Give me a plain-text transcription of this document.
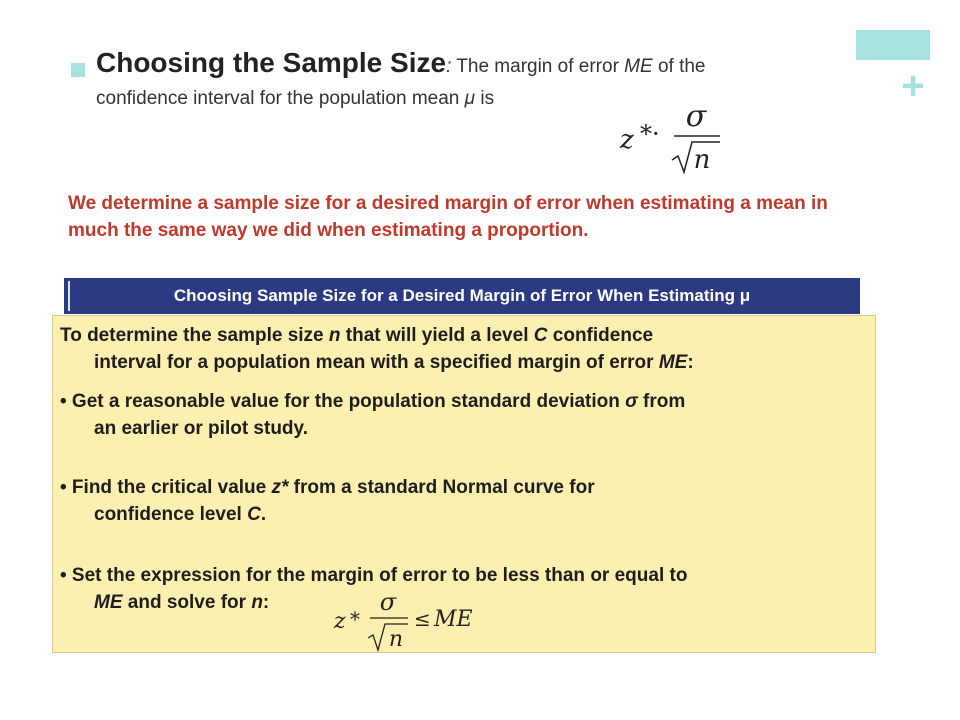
+
Choosing the Sample Size: The margin of error ME of the
confidence interval for the population mean μ is
z *· σ
n
We determine a sample size for a desired margin of error when estimating a mean in much the same way we did when estimating a proportion.
Choosing Sample Size for a Desired Margin of Error When Estimating μ
To determine the sample size n that will yield a level C confidence
interval for a population mean with a specified margin of error ME:
• Get a reasonable value for the population standard deviation σ from
an earlier or pilot study.
• Find the critical value z* from a standard Normal curve for
confidence level C.
• Set the expression for the margin of error to be less than or equal to
ME and solve for n:
z *
σ
n
≤ ME
